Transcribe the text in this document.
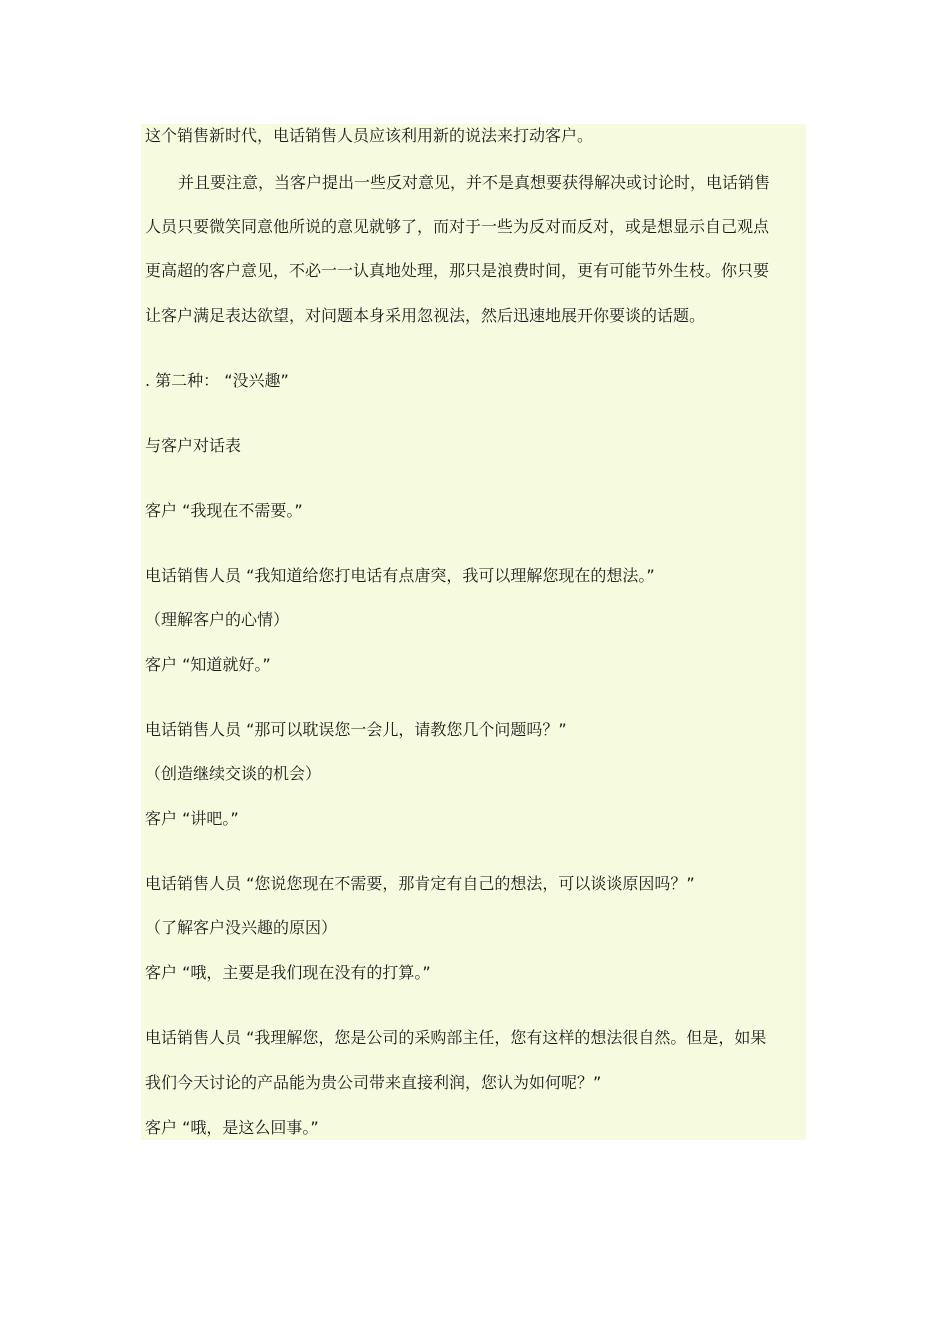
这个销售新时代，电话销售人员应该利用新的说法来打动客户。
并且要注意，当客户提出一些反对意见，并不是真想要获得解决或讨论时，电话销售
人员只要微笑同意他所说的意见就够了，而对于一些为反对而反对，或是想显示自己观点
更高超的客户意见，不必一一认真地处理，那只是浪费时间，更有可能节外生枝。你只要
让客户满足表达欲望，对问题本身采用忽视法，然后迅速地展开你要谈的话题。
. 第二种： “没兴趣”
与客户对话表
客户 “我现在不需要。”
电话销售人员 “我知道给您打电话有点唐突，我可以理解您现在的想法。”
（理解客户的心情）
客户 “知道就好。”
电话销售人员 “那可以耽误您一会儿，请教您几个问题吗？”
（创造继续交谈的机会）
客户 “讲吧。”
电话销售人员 “您说您现在不需要，那肯定有自己的想法，可以谈谈原因吗？”
（了解客户没兴趣的原因）
客户 “哦，主要是我们现在没有的打算。”
电话销售人员 “我理解您，您是公司的采购部主任，您有这样的想法很自然。但是，如果
我们今天讨论的产品能为贵公司带来直接利润，您认为如何呢？”
客户 “哦，是这么回事。”
